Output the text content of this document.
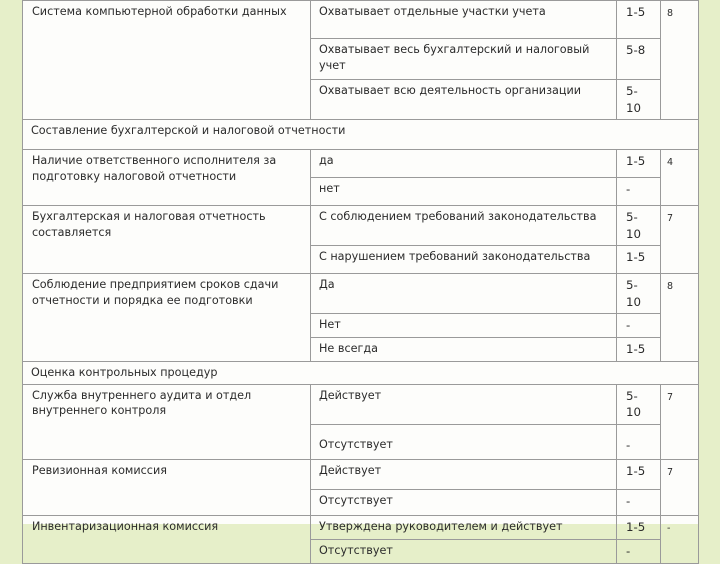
Система компьютерной обработки данных	Охватывает отдельные участки учета	1-5	8
	Охватывает весь бухгалтерский и налоговый учет	5-8	
	Охватывает всю деятельность организации	5-10	
Составление бухгалтерской и налоговой отчетности			
Наличие ответственного исполнителя за подготовку налоговой отчетности	да	1-5	4
	нет	-	
Бухгалтерская и налоговая отчетность составляется	С соблюдением требований законодательства	5-10	7
	С нарушением требований законодательства	1-5	
Соблюдение предприятием сроков сдачи отчетности и порядка ее подготовки	Да	5-10	8
	Нет	-	
	Не всегда	1-5	
Оценка контрольных процедур			
Служба внутреннего аудита и отдел внутреннего контроля	Действует	5-10	7
	Отсутствует	-	
Ревизионная комиссия	Действует	1-5	7
	Отсутствует	-	
Инвентаризационная комиссия	Утверждена руководителем и действует	1-5	-
	Отсутствует	-	
